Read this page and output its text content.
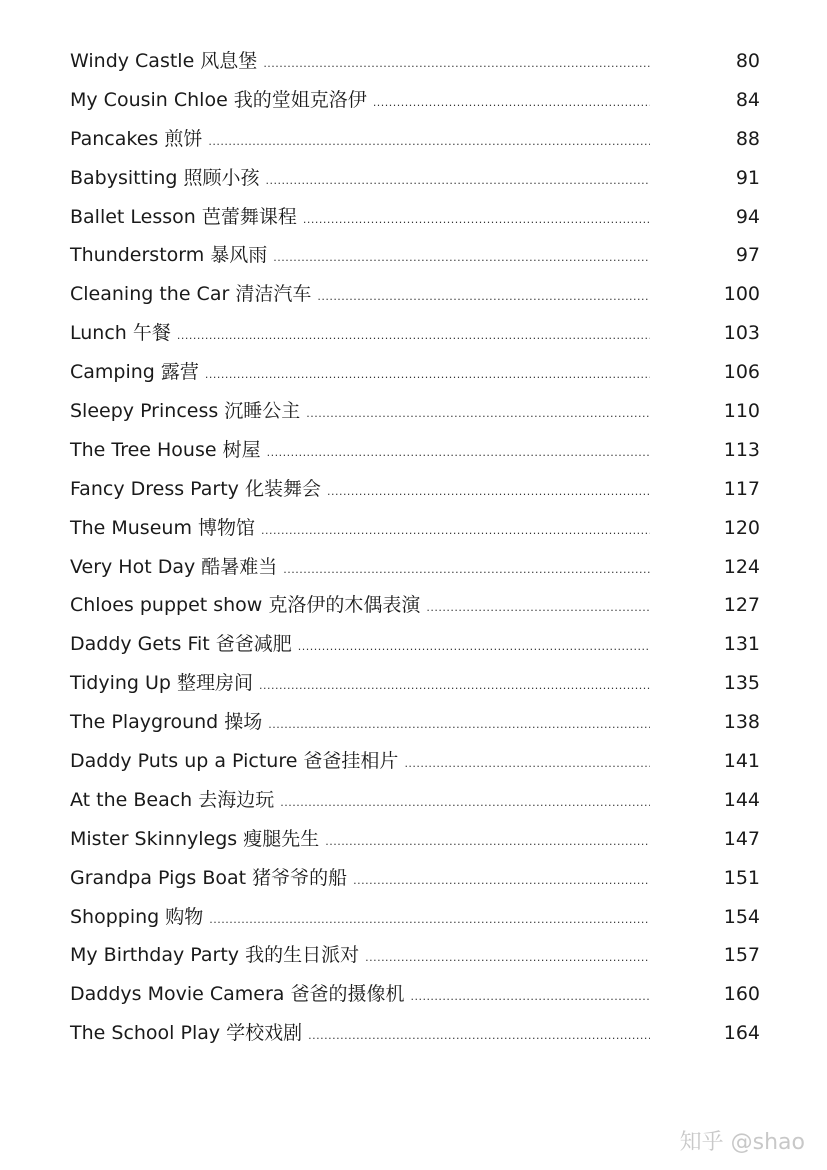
Windy Castle 风息堡 .....	80
My Cousin Chloe 我的堂姐克洛伊 .....	84
Pancakes 煎饼 .....	88
Babysitting 照顾小孩 .....	91
Ballet Lesson 芭蕾舞课程 .....	94
Thunderstorm 暴风雨 .....	97
Cleaning the Car 清洁汽车 .....	100
Lunch 午餐 .....	103
Camping 露营 .....	106
Sleepy Princess 沉睡公主 .....	110
The Tree House 树屋 .....	113
Fancy Dress Party 化装舞会 .....	117
The Museum 博物馆 .....	120
Very Hot Day 酷暑难当 .....	124
Chloes puppet show 克洛伊的木偶表演 .....	127
Daddy Gets Fit 爸爸减肥 .....	131
Tidying Up 整理房间 .....	135
The Playground 操场 .....	138
Daddy Puts up a Picture 爸爸挂相片 .....	141
At the Beach 去海边玩 .....	144
Mister Skinnylegs 瘦腿先生 .....	147
Grandpa Pigs Boat 猪爷爷的船 .....	151
Shopping 购物 .....	154
My Birthday Party 我的生日派对 .....	157
Daddys Movie Camera 爸爸的摄像机 .....	160
The School Play 学校戏剧 .....	164
知乎 @shao
